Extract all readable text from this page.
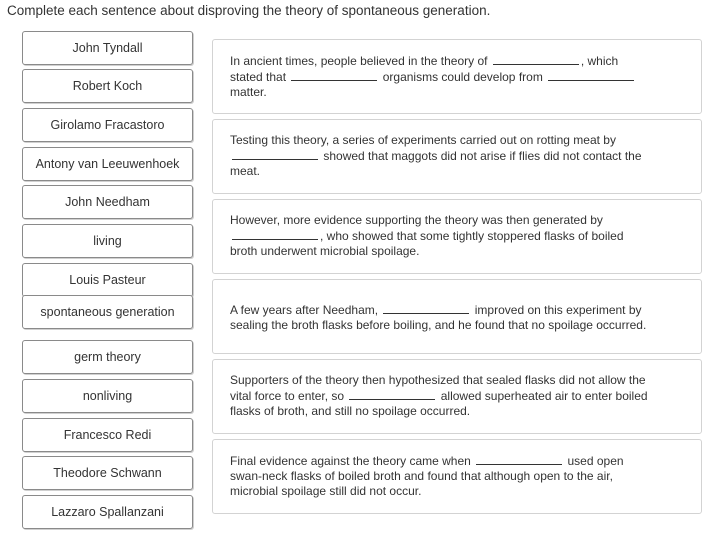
Complete each sentence about disproving the theory of spontaneous generation.
John Tyndall
Robert Koch
Girolamo Fracastoro
Antony van Leeuwenhoek
John Needham
living
Louis Pasteur
spontaneous generation
germ theory
nonliving
Francesco Redi
Theodore Schwann
Lazzaro Spallanzani
In ancient times, people believed in the theory of	, which
stated that	organisms could develop from
matter.
Testing this theory, a series of experiments carried out on rotting meat by
showed that maggots did not arise if flies did not contact the
meat.
However, more evidence supporting the theory was then generated by
, who showed that some tightly stoppered flasks of boiled
broth underwent microbial spoilage.
A few years after Needham,	improved on this experiment by
sealing the broth flasks before boiling, and he found that no spoilage occurred.
Supporters of the theory then hypothesized that sealed flasks did not allow the
vital force to enter, so	allowed superheated air to enter boiled
flasks of broth, and still no spoilage occurred.
Final evidence against the theory came when	used open
swan-neck flasks of boiled broth and found that although open to the air,
microbial spoilage still did not occur.
